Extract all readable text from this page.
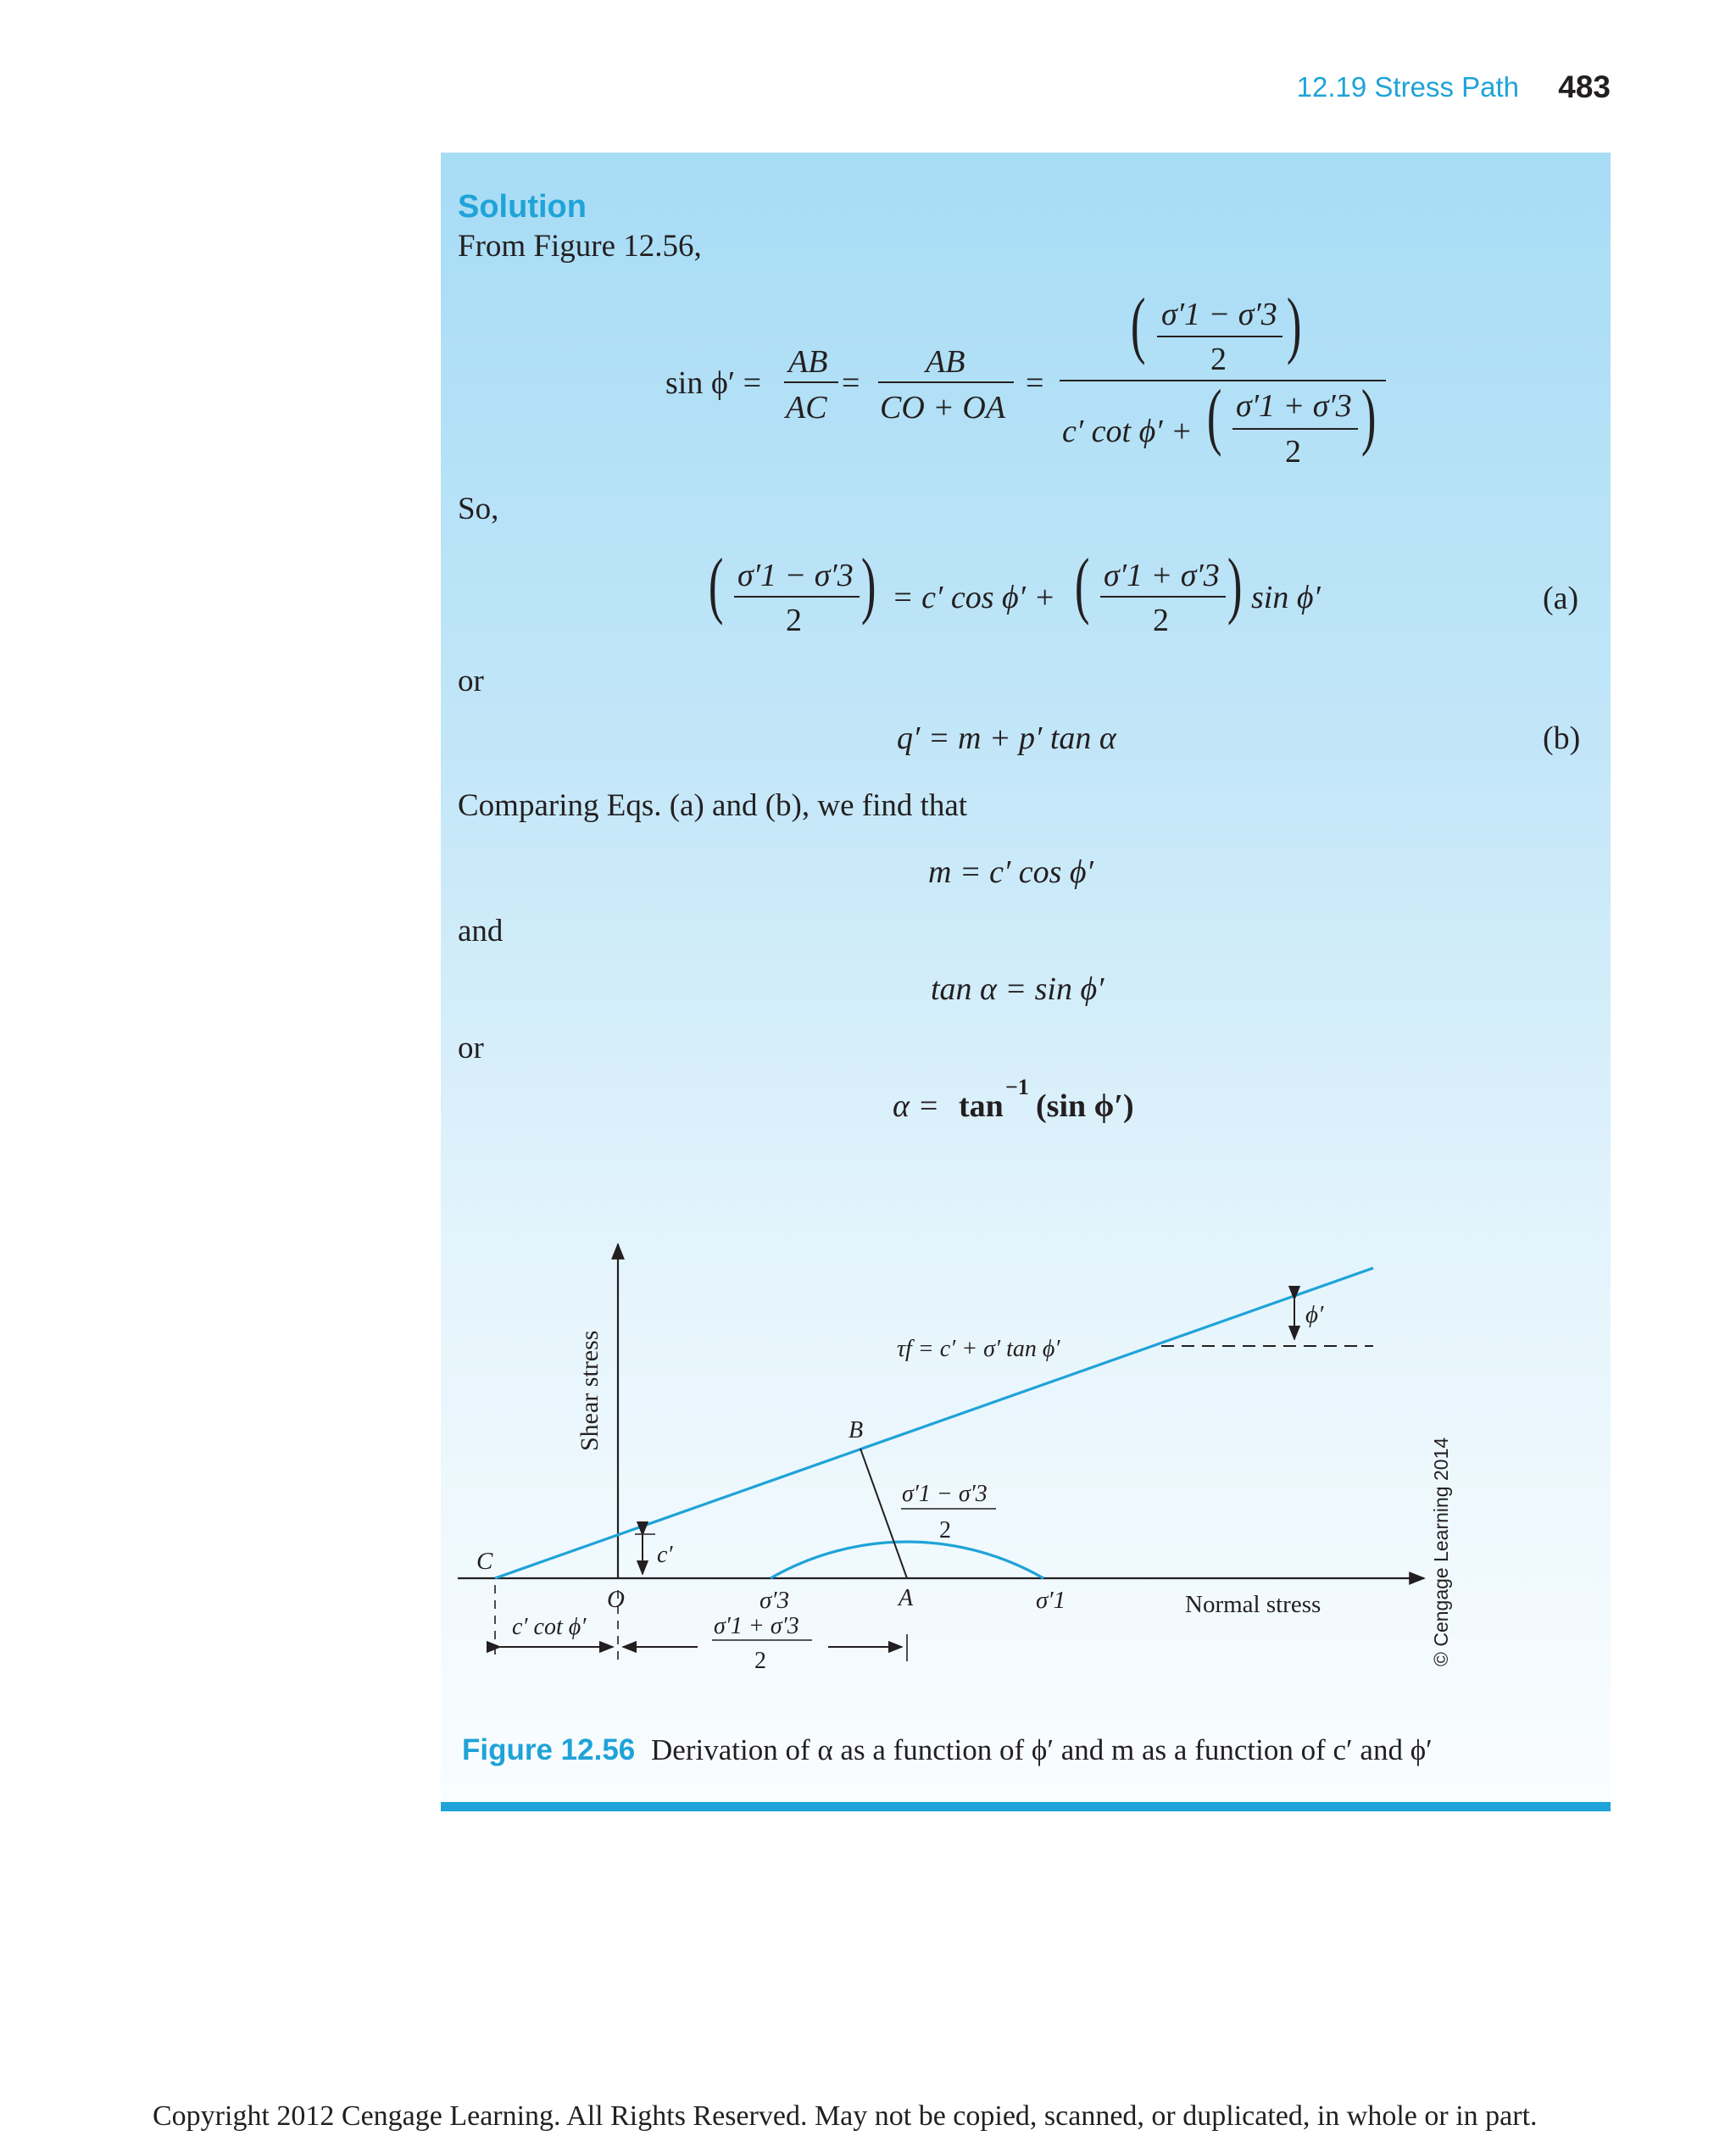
12.19 Stress Path 483
Solution
From Figure 12.56,
sin ϕ′ =
AB
AC
=
AB
CO + OA
=
( σ′1 − σ′3
2 )
c′ cot ϕ′ + ( σ′1 + σ′3
2 )
So,
( σ′1 − σ′3
2 ) = c′ cos ϕ′ + ( σ′1 + σ′3
2 ) sin ϕ′	(a)
or
q′ = m + p′ tan α	(b)
Comparing Eqs. (a) and (b), we find that
m = c′ cos ϕ′
and
tan α = sin ϕ′
or
α = tan
−1
(sin ϕ′)
Shear stress
Normal stress
τf = c′ + σ′ tan ϕ′
C
O
B
A
c′
ϕ′
σ′3	σ′1
σ′1 − σ′3
2
σ′1 + σ′3
2
c′ cot ϕ′	© Cengage Learning 2014
Figure 12.56 Derivation of α as a function of ϕ′ and m as a function of c′ and ϕ′
Copyright 2012 Cengage Learning. All Rights Reserved. May not be copied, scanned, or duplicated, in whole or in part.
